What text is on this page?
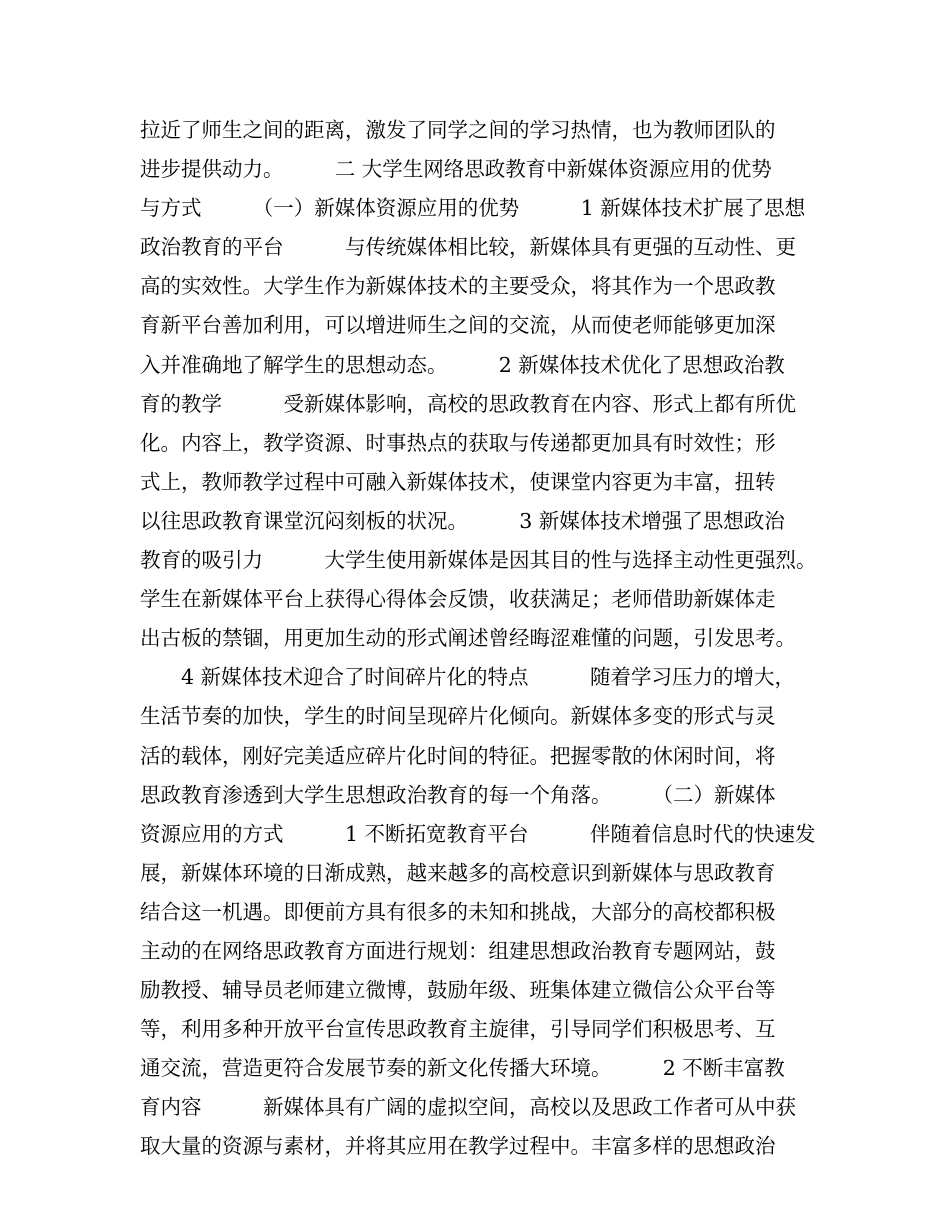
拉近了师生之间的距离，激发了同学之间的学习热情，也为教师团队的
进步提供动力。　　　二 大学生网络思政教育中新媒体资源应用的优势
与方式　　　（一）新媒体资源应用的优势　　　1 新媒体技术扩展了思想
政治教育的平台　　　与传统媒体相比较，新媒体具有更强的互动性、更
高的实效性。大学生作为新媒体技术的主要受众，将其作为一个思政教
育新平台善加利用，可以增进师生之间的交流，从而使老师能够更加深
入并准确地了解学生的思想动态。　　　2 新媒体技术优化了思想政治教
育的教学　　　受新媒体影响，高校的思政教育在内容、形式上都有所优
化。内容上，教学资源、时事热点的获取与传递都更加具有时效性；形
式上，教师教学过程中可融入新媒体技术，使课堂内容更为丰富，扭转
以往思政教育课堂沉闷刻板的状况。　　　3 新媒体技术增强了思想政治
教育的吸引力　　　大学生使用新媒体是因其目的性与选择主动性更强烈。
学生在新媒体平台上获得心得体会反馈，收获满足；老师借助新媒体走
出古板的禁锢，用更加生动的形式阐述曾经晦涩难懂的问题，引发思考。
　　4 新媒体技术迎合了时间碎片化的特点　　　随着学习压力的增大，
生活节奏的加快，学生的时间呈现碎片化倾向。新媒体多变的形式与灵
活的载体，刚好完美适应碎片化时间的特征。把握零散的休闲时间，将
思政教育渗透到大学生思想政治教育的每一个角落。　　　（二）新媒体
资源应用的方式　　　1 不断拓宽教育平台　　　伴随着信息时代的快速发
展，新媒体环境的日渐成熟，越来越多的高校意识到新媒体与思政教育
结合这一机遇。即便前方具有很多的未知和挑战，大部分的高校都积极
主动的在网络思政教育方面进行规划：组建思想政治教育专题网站，鼓
励教授、辅导员老师建立微博，鼓励年级、班集体建立微信公众平台等
等，利用多种开放平台宣传思政教育主旋律，引导同学们积极思考、互
通交流，营造更符合发展节奏的新文化传播大环境。　　　2 不断丰富教
育内容　　　新媒体具有广阔的虚拟空间，高校以及思政工作者可从中获
取大量的资源与素材，并将其应用在教学过程中。丰富多样的思想政治
